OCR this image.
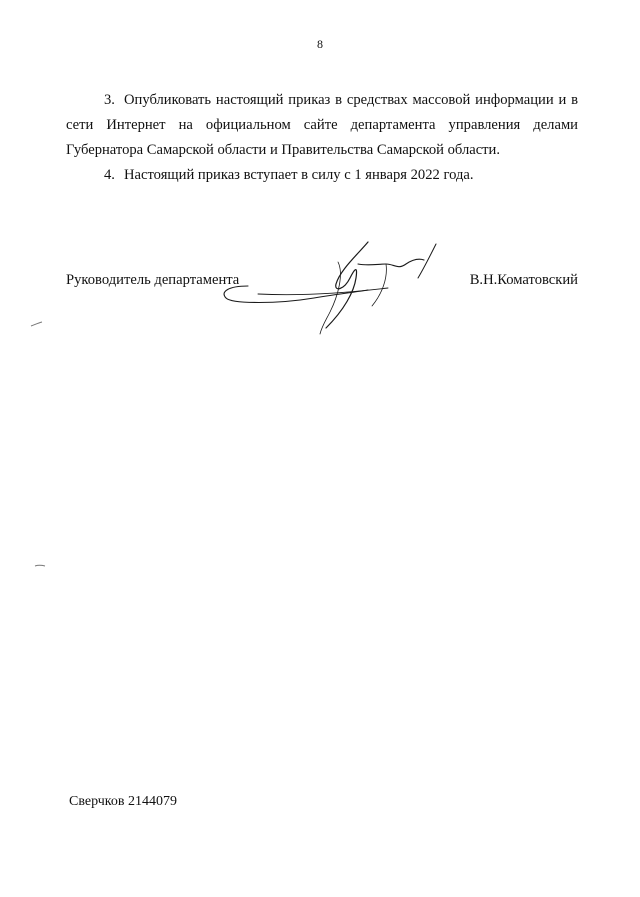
8

3. Опубликовать настоящий приказ в средствах массовой информации и в сети Интернет на официальном сайте департамента управления делами Губернатора Самарской области и Правительства Самарской области.

4. Настоящий приказ вступает в силу с 1 января 2022 года.

Руководитель департамента	В.Н.Коматовский
Сверчков 2144079
